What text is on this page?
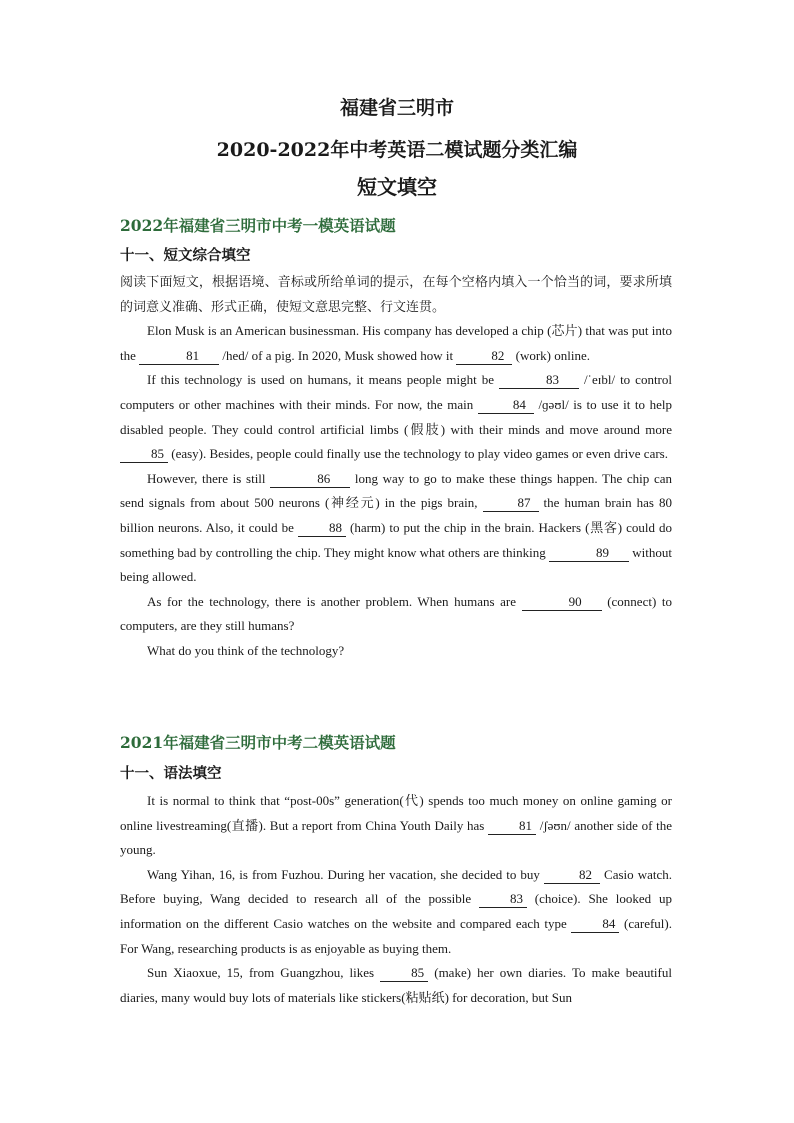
福建省三明市
2020-2022年中考英语二模试题分类汇编
短文填空
2022年福建省三明市中考一模英语试题
十一、短文综合填空

阅读下面短文，根据语境、音标或所给单词的提示，在每个空格内填入一个恰当的词，要求所填的词意义准确、形式正确，使短文意思完整、行文连贯。

Elon Musk is an American businessman. His company has developed a chip (芯片) that was put into the	81 /hed/ of a pig. In 2020, Musk showed how it	82 (work) online.

If this technology is used on humans, it means people might be	83 /ˈeɪbl/ to control computers or other machines with their minds. For now, the main	84 /ɡəʊl/ is to use it to help disabled people. They could control artificial limbs (假肢) with their minds and move around more 85 (easy). Besides, people could finally use the technology to play video games or even drive cars.

However, there is still	86 long way to go to make these things happen. The chip can send signals from about 500 neurons (神经元) in the pigs brain,	87 the human brain has 80 billion neurons. Also, it could be 88 (harm) to put the chip in the brain. Hackers (黑客) could do something bad by controlling the chip. They might know what others are thinking	89 without being allowed.

As for the technology, there is another problem. When humans are	90 (connect) to computers, are they still humans?

What do you think of the technology?

2021年福建省三明市中考二模英语试题
十一、语法填空

It is normal to think that “post-00s” generation(代) spends too much money on online gaming or online livestreaming(直播). But a report from China Youth Daily has 81 /ʃəʊn/ another side of the young.

Wang Yihan, 16, is from Fuzhou. During her vacation, she decided to buy	82 Casio watch. Before buying, Wang decided to research all of the possible 83 (choice). She looked up information on the different Casio watches on the website and compared each type 84 (careful). For Wang, researching products is as enjoyable as buying them.

Sun Xiaoxue, 15, from Guangzhou, likes 85 (make) her own diaries. To make beautiful diaries, many would buy lots of materials like stickers(粘贴纸) for decoration, but Sun
